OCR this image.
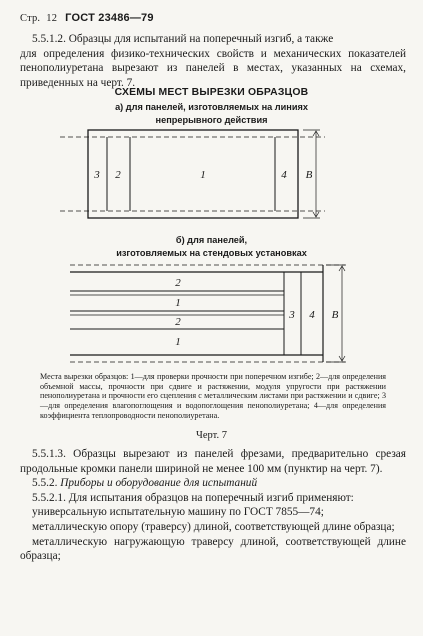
Стр. 12 ГОСТ 23486—79
5.5.1.2. Образцы для испытаний на поперечный изгиб, а также
для определения физико-технических свойств и механических показателей пенополиуретана вырезают из панелей в местах, указанных на схемах, приведенных на черт. 7.
СХЕМЫ МЕСТ ВЫРЕЗКИ ОБРАЗЦОВ
а) для панелей, изготовляемых на линиях
непрерывного действия
б) для панелей,
изготовляемых на стендовых установках
3 2	1	4 В
2
1
2
1
3 4 В
Места вырезки образцов: 1—для проверки прочности при поперечном изгибе; 2—для определения объемной массы, прочности при сдвиге и растяжении, модуля упругости при растяжении пенополиуретана и прочности его сцепления с металлическим листами при растяжении и сдвиге; 3—для определения влагопоглощения и водопоглощения пенополиуретана; 4—для определения коэффициента теплопроводности пенополиуретана.
Черт. 7
5.5.1.3. Образцы вырезают из панелей фрезами, предварительно срезая продольные кромки панели шириной не менее 100 мм (пунктир на черт. 7).
5.5.2. Приборы и оборудование для испытаний
5.5.2.1. Для испытания образцов на поперечный изгиб применяют:
универсальную испытательную машину по ГОСТ 7855—74;
металлическую опору (траверсу) длиной, соответствующей длине образца;
металлическую нагружающую траверсу длиной, соответствующей длине образца;
